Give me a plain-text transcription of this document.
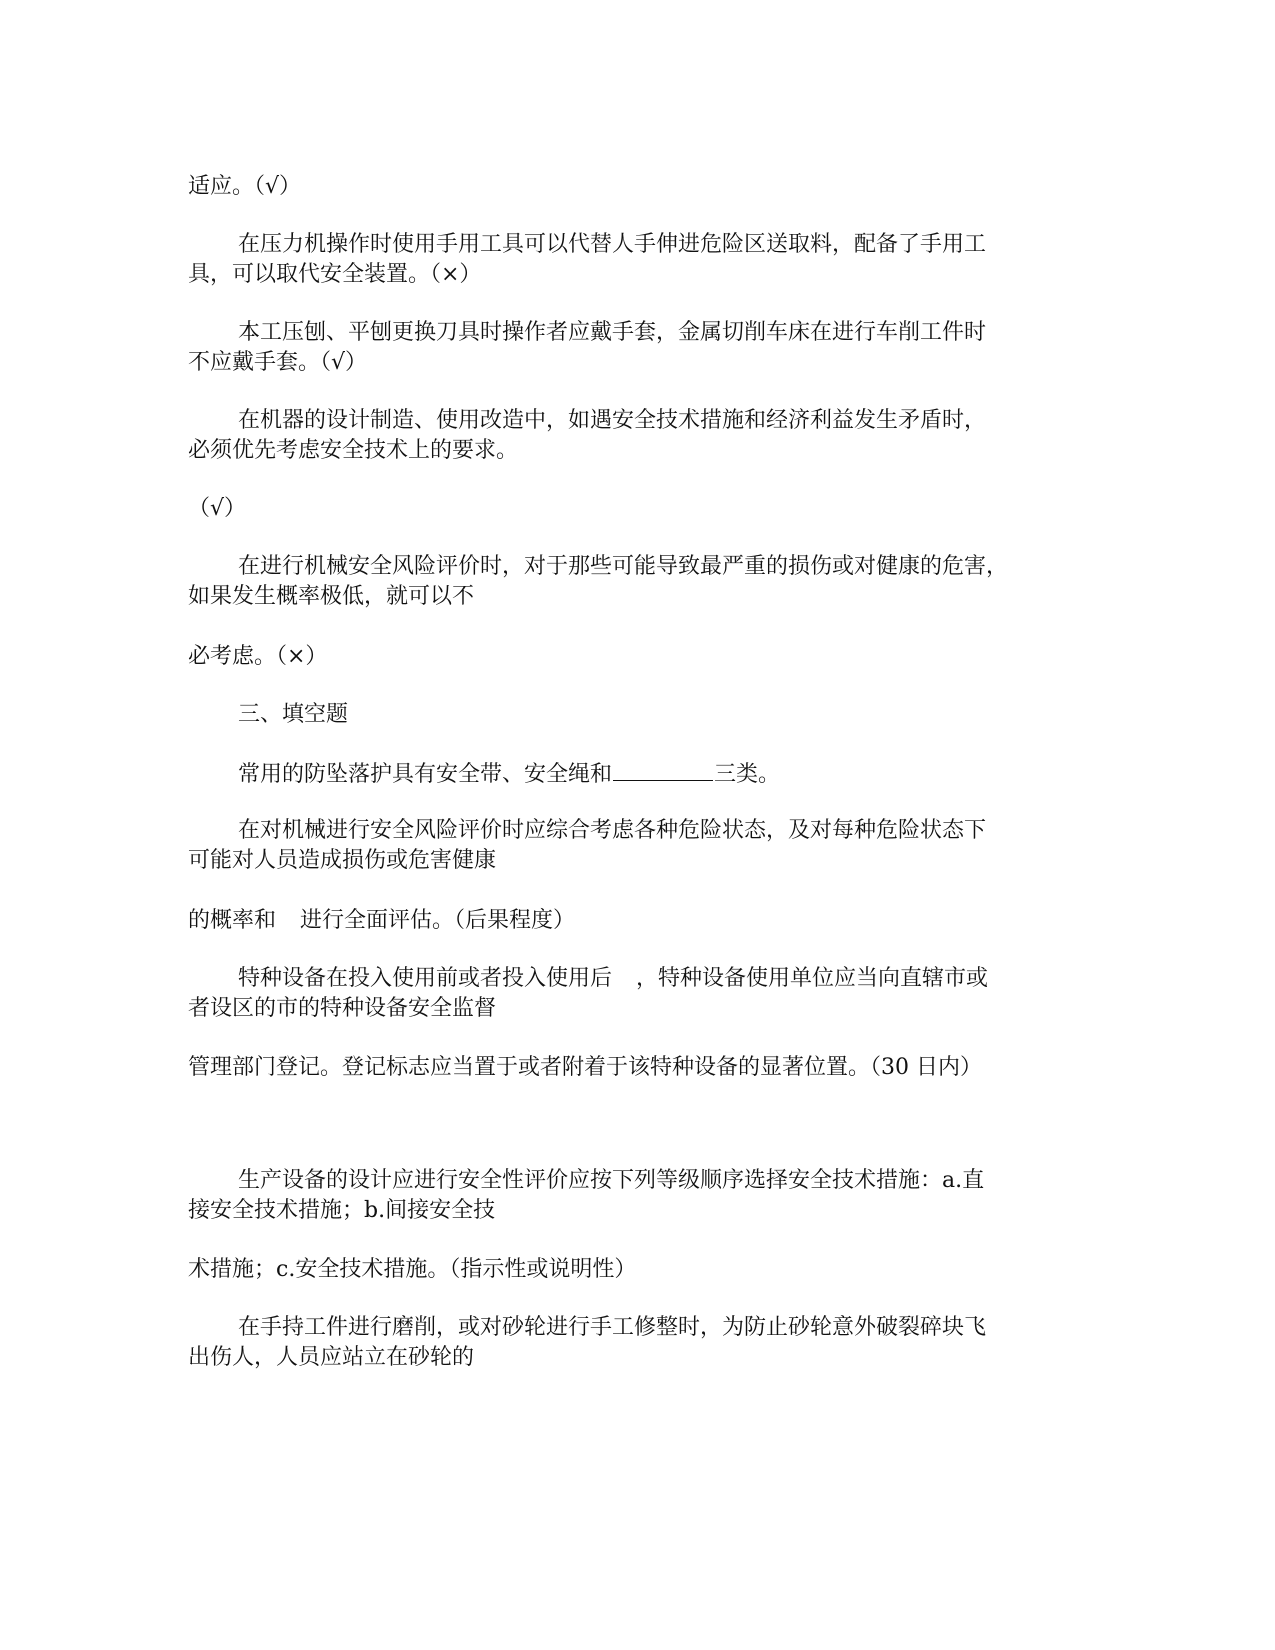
适应。（√）
在压力机操作时使用手用工具可以代替人手伸进危险区送取料，配备了手用工
具，可以取代安全装置。（×）
本工压刨、平刨更换刀具时操作者应戴手套，金属切削车床在进行车削工件时
不应戴手套。（√）
在机器的设计制造、使用改造中，如遇安全技术措施和经济利益发生矛盾时，
必须优先考虑安全技术上的要求。
（√）
在进行机械安全风险评价时，对于那些可能导致最严重的损伤或对健康的危害，
如果发生概率极低，就可以不
必考虑。（×）
三、填空题
常用的防坠落护具有安全带、安全绳和	三类。
在对机械进行安全风险评价时应综合考虑各种危险状态，及对每种危险状态下
可能对人员造成损伤或危害健康
的概率和 进行全面评估。（后果程度）
特种设备在投入使用前或者投入使用后 ，特种设备使用单位应当向直辖市或
者设区的市的特种设备安全监督
管理部门登记。登记标志应当置于或者附着于该特种设备的显著位置。（30 日内）
生产设备的设计应进行安全性评价应按下列等级顺序选择安全技术措施：a.直
接安全技术措施；b.间接安全技
术措施；c.安全技术措施。（指示性或说明性）
在手持工件进行磨削，或对砂轮进行手工修整时，为防止砂轮意外破裂碎块飞
出伤人，人员应站立在砂轮的
